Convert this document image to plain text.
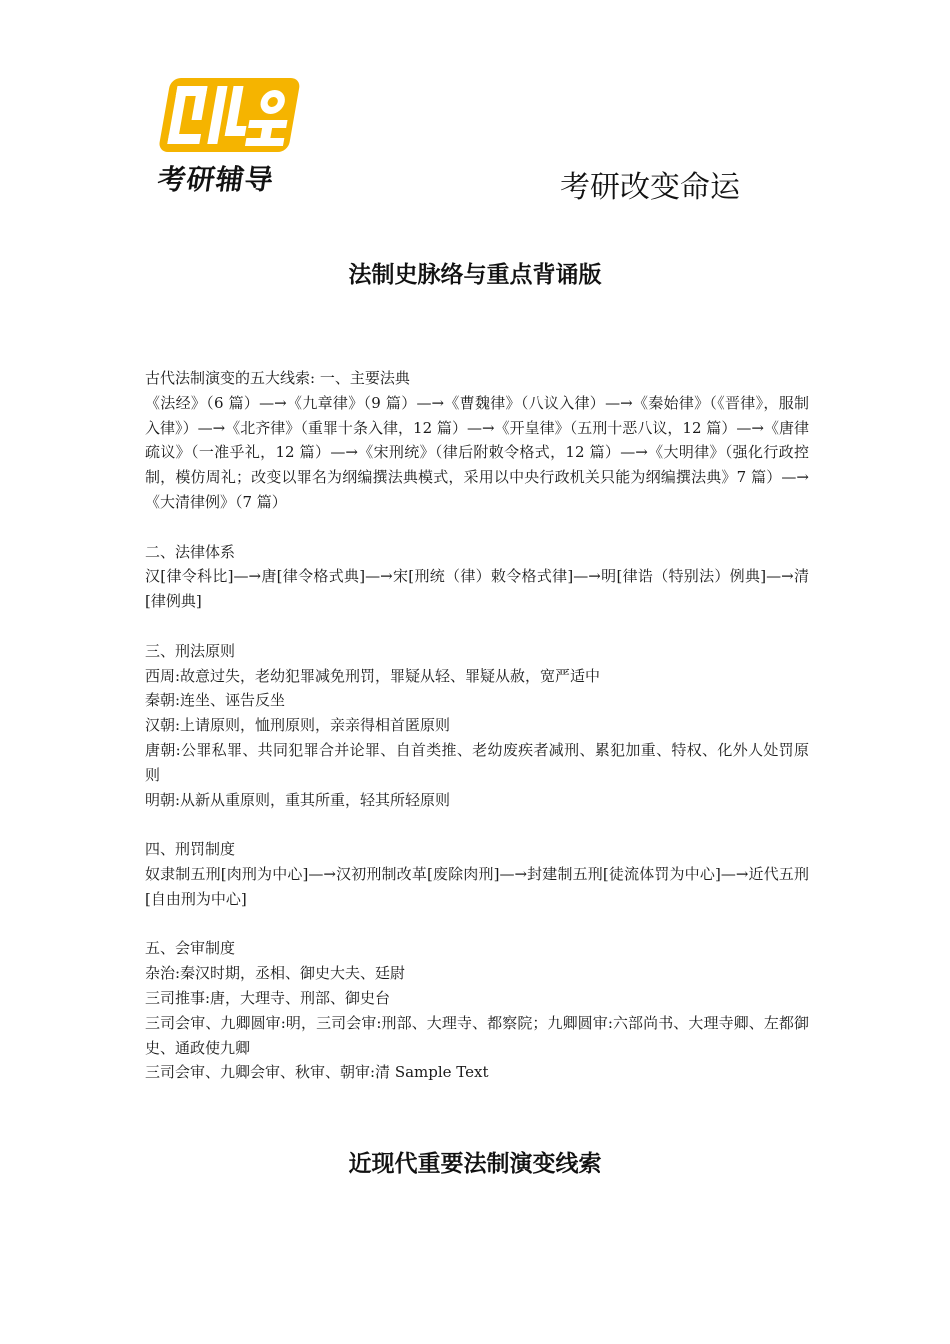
考研辅导	考研改变命运
法制史脉络与重点背诵版

古代法制演变的五大线索: 一、主要法典

《法经》（6 篇）—→《九章律》（9 篇）—→《曹魏律》（八议入律）—→《秦始律》（《晋律》，服制入律》）—→《北齐律》（重罪十条入律，12 篇）—→《开皇律》（五刑十恶八议，12 篇）—→《唐律疏议》（一准乎礼，12 篇）—→《宋刑统》（律后附敕令格式，12 篇）—→《大明律》（强化行政控制，模仿周礼；改变以罪名为纲编撰法典模式，采用以中央行政机关只能为纲编撰法典》7 篇）—→《大清律例》（7 篇）

二、法律体系

汉[律令科比]—→唐[律令格式典]—→宋[刑统（律）敕令格式律]—→明[律诰（特别法）例典]—→清[律例典]

三、刑法原则

西周:故意过失，老幼犯罪减免刑罚，罪疑从轻、罪疑从赦，宽严适中

秦朝:连坐、诬告反坐

汉朝:上请原则，恤刑原则，亲亲得相首匿原则

唐朝:公罪私罪、共同犯罪合并论罪、自首类推、老幼废疾者减刑、累犯加重、特权、化外人处罚原则

明朝:从新从重原则，重其所重，轻其所轻原则

四、刑罚制度

奴隶制五刑[肉刑为中心]—→汉初刑制改革[废除肉刑]—→封建制五刑[徒流体罚为中心]—→近代五刑[自由刑为中心]

五、会审制度

杂治:秦汉时期，丞相、御史大夫、廷尉

三司推事:唐，大理寺、刑部、御史台

三司会审、九卿圆审:明，三司会审:刑部、大理寺、都察院；九卿圆审:六部尚书、大理寺卿、左都御史、通政使九卿

三司会审、九卿会审、秋审、朝审:清 Sample Text

近现代重要法制演变线索
